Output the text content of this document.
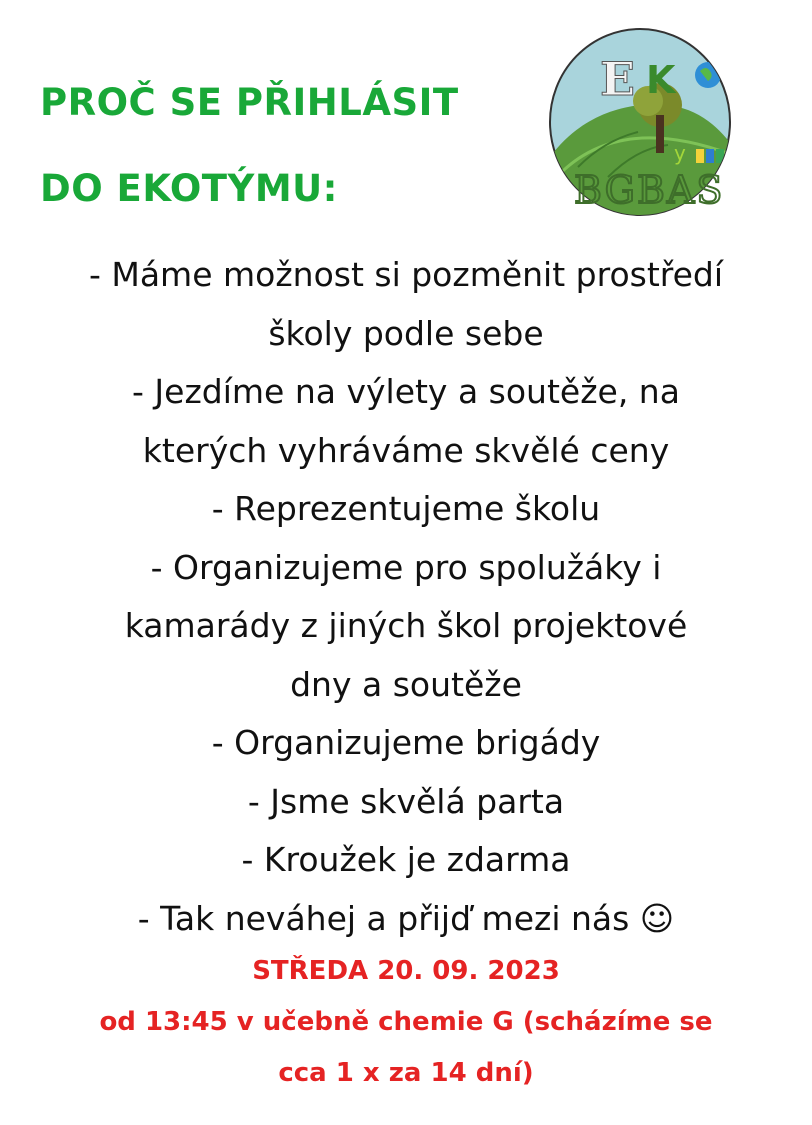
PROČ SE PŘIHLÁSIT
DO EKOTÝMU:
E K
y
BGBAS

- Máme možnost si pozměnit prostředí

školy podle sebe

- Jezdíme na výlety a soutěže, na

kterých vyhráváme skvělé ceny

- Reprezentujeme školu

- Organizujeme pro spolužáky i

kamarády z jiných škol projektové

dny a soutěže

- Organizujeme brigády

- Jsme skvělá parta

- Kroužek je zdarma

- Tak neváhej a přijď mezi nás ☺

STŘEDA 20. 09. 2023

od 13:45 v učebně chemie G (scházíme se

cca 1 x za 14 dní)
